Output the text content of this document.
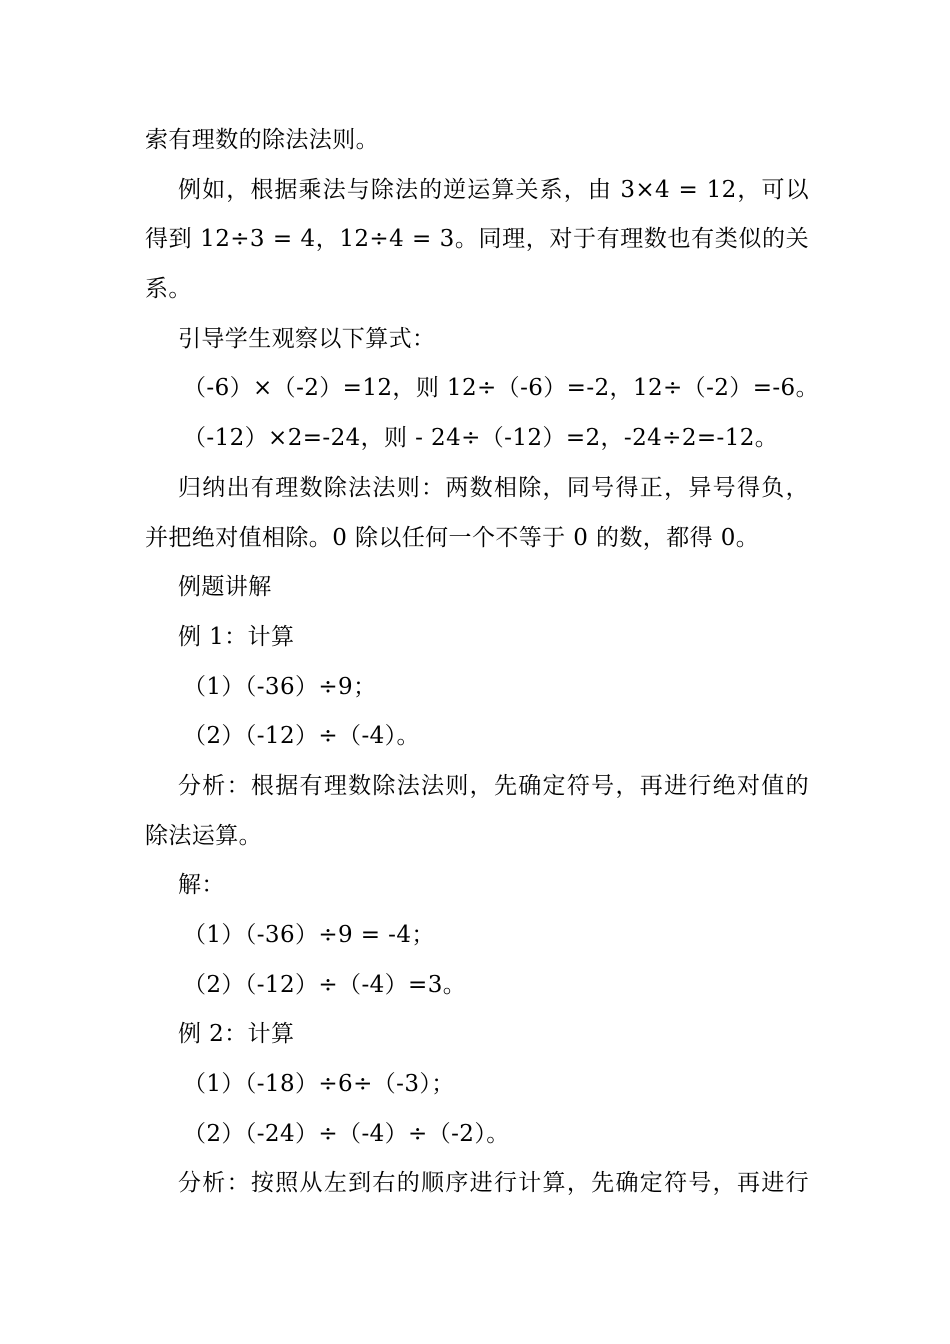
索有理数的除法法则。
例如，根据乘法与除法的逆运算关系，由 3×4 = 12，可以
得到 12÷3 = 4，12÷4 = 3。同理，对于有理数也有类似的关
系。
引导学生观察以下算式：
（-6）×（-2）=12，则 12÷（-6）=-2，12÷（-2）=-6。
（-12）×2=-24，则 - 24÷（-12）=2，-24÷2=-12。
归纳出有理数除法法则：两数相除，同号得正，异号得负，
并把绝对值相除。0 除以任何一个不等于 0 的数，都得 0。
例题讲解
例 1：计算
（1）（-36）÷9；
（2）（-12）÷（-4）。
分析：根据有理数除法法则，先确定符号，再进行绝对值的
除法运算。
解：
（1）（-36）÷9 = -4；
（2）（-12）÷（-4）=3。
例 2：计算
（1）（-18）÷6÷（-3）；
（2）（-24）÷（-4）÷（-2）。
分析：按照从左到右的顺序进行计算，先确定符号，再进行
